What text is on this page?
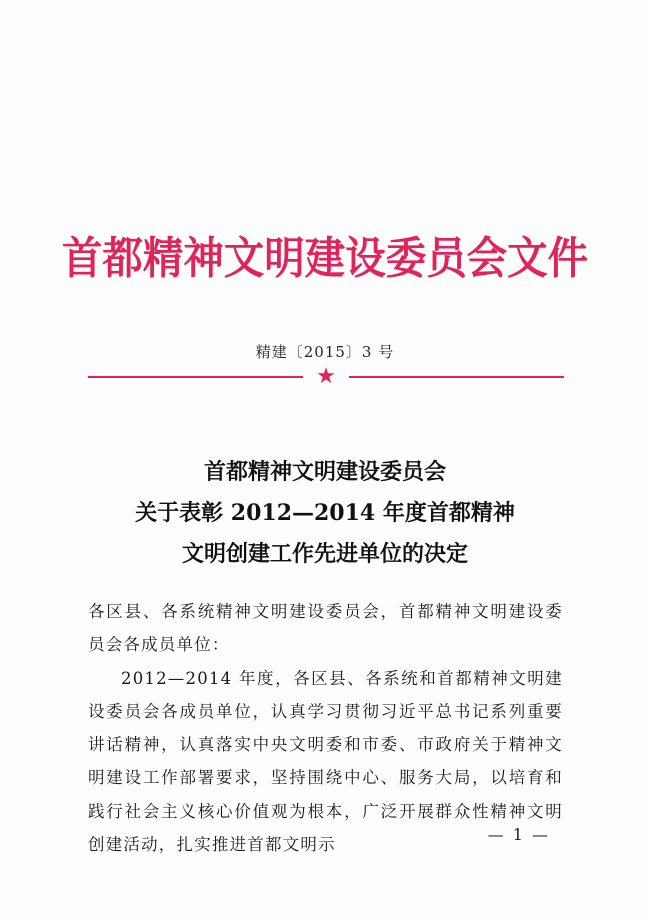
首都精神文明建设委员会文件
精建〔2015〕3 号
★
首都精神文明建设委员会
关于表彰 2012—2014 年度首都精神
文明创建工作先进单位的决定

各区县、各系统精神文明建设委员会，首都精神文明建设委员会各成员单位：

2012—2014 年度，各区县、各系统和首都精神文明建设委员会各成员单位，认真学习贯彻习近平总书记系列重要讲话精神，认真落实中央文明委和市委、市政府关于精神文明建设工作部署要求，坚持围绕中心、服务大局，以培育和践行社会主义核心价值观为根本，广泛开展群众性精神文明创建活动，扎实推进首都文明示

— 1 —
